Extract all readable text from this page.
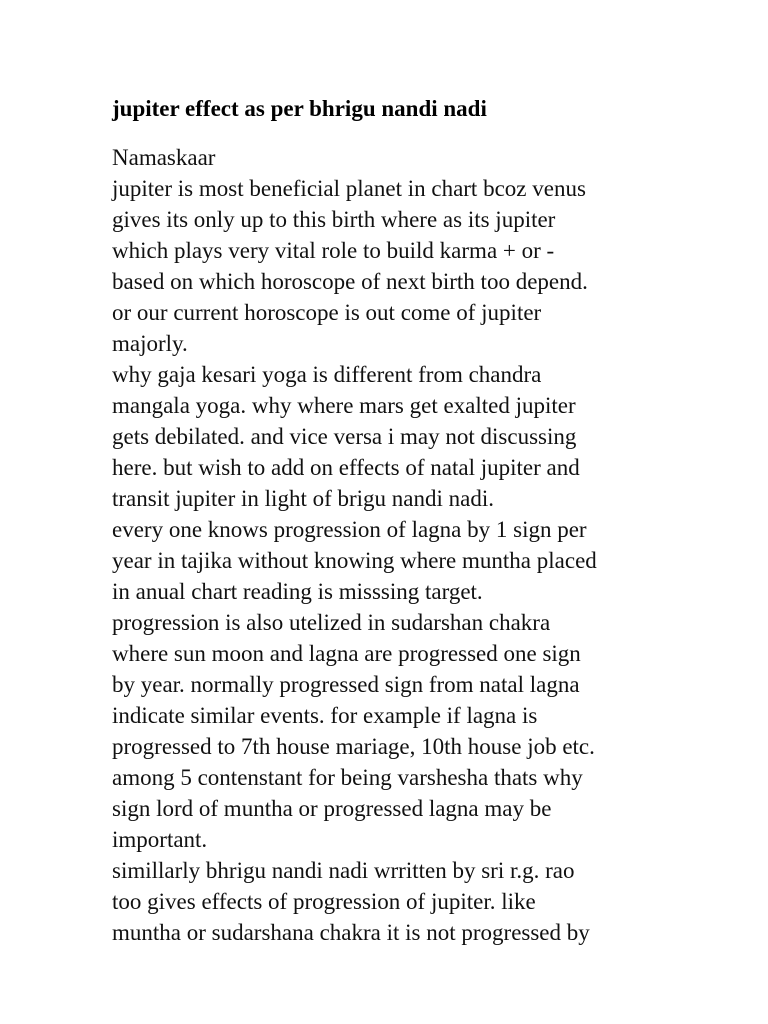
jupiter effect as per bhrigu nandi nadi
Namaskaar
jupiter is most beneficial planet in chart bcoz venus
gives its only up to this birth where as its jupiter
which plays very vital role to build karma + or -
based on which horoscope of next birth too depend.
or our current horoscope is out come of jupiter
majorly.
why gaja kesari yoga is different from chandra
mangala yoga. why where mars get exalted jupiter
gets debilated. and vice versa i may not discussing
here. but wish to add on effects of natal jupiter and
transit jupiter in light of brigu nandi nadi.
every one knows progression of lagna by 1 sign per
year in tajika without knowing where muntha placed
in anual chart reading is misssing target.
progression is also utelized in sudarshan chakra
where sun moon and lagna are progressed one sign
by year. normally progressed sign from natal lagna
indicate similar events. for example if lagna is
progressed to 7th house mariage, 10th house job etc.
among 5 contenstant for being varshesha thats why
sign lord of muntha or progressed lagna may be
important.
simillarly bhrigu nandi nadi wrritten by sri r.g. rao
too gives effects of progression of jupiter. like
muntha or sudarshana chakra it is not progressed by
